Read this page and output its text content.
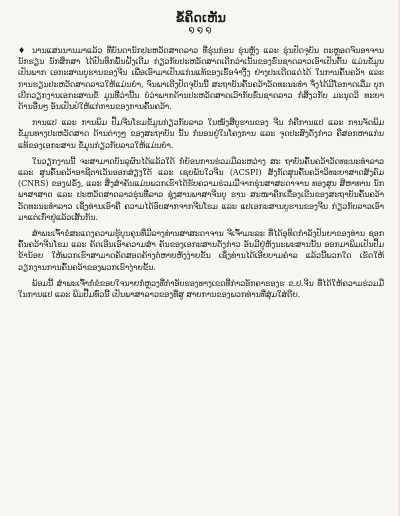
ຂໍ້ຄິດເຫັນ
໑໑໑

♦ ນານແສນນານມາແລ້ວ ທີ່ບັນດານັກປະຫວັດສາດລາວ ທີ່ຮຸ່ນກ່ອນ ຮຸ່ນຫຼັງ ແລະ ຮຸ່ນປັດຈຸບັນ ຕະຫຼອດຈົນອາຈານ ນັກຮຽນ ນັກສຶກສາ ໄດ້ປັນທຶກພົ້ນຝັ້ງເດີມ ກ່ຽວກັບປະຫວັດສາດເດີກວ່າເນັ້ນຂອງຮົ່ນຊາດລາວເອົາເປັນຕົ້ນ ແມ່ນຂໍ້ມູນເປັນພາກ ເອກະສານບູຮານຂອງຈີນ ເພື່ອເອົາມາເປັນແກ່ນແທ້ຂອງເຮົ້ອຈຳງີ່ງ ຢ່າງປະເດີດແດ່ໄດ້ ໃນການຄົ້ນຄວ້າ ແລະ ການຮຽນປະຫວັດສາດລາວໃຫ້ແມ່ນຍຳ, ຈົນພາເຕີງປັດຈຸບັນນີ້ ສະຖາບັນຄົ້ນຄວ້າວັດທະນະທຳ ຈຶ່ງໄດ້ມີໂອກາດເລີ່ມ ບຸກເບີກວຽກງານເອກະສານຂໍ້ ມູນທີ່ວ່ານີ້ນ ບໍ່ວ່າພາກດ້ານປະຫວັດສາດເວົາກັບຮົ່ນຊາດລາວ ກໍ່ສິ່ງວກັບ ມະນຸດວິ ທະຍາດ້ານອື່ນໆ ອັນເປັນປໍໃຫ້ແກ່ການຂອງການຄົ້ນຄວ້າ.

ການແປ ແລະ ການພິມ ປຶ້ມຈີນໂຮມຂໍ້ມູນກ່ຽວກັບລາວ ໃນໜັງສືບູຮານຂອງ ຈີນ ກໍ່ຄືການແປ ແລະ ການຈັດພິມ ຂໍ້ມູນທາງປະຫວັດສາດ ດ້ານຕ່າງໆ ຂອງສະຖາບັນ ນັ້ນ ກໍ່ນອນຢູ່ໃນໂຄງການ ແລະ ຈຸດປະສົງດັ່ງກ່າວ ຄືສອກຫາແກ່ນແທ້ຂອງເອກະສານ ຂໍ້ມູນກ່ຽວກັບລາວໃຫ້ແມ່ນຍຳ.

ໃນວຽກງານນີ້ ຈະສາມາດບັນລຸຜົນໄດ້ແລ້ວໃດ້ ກໍ່ຍ້ອນການຮ່ວມມືລະຫວ່າງ ສະ ຖາບັນຄົ້ນຄວ້າວັດທະນະທຳລາວ ແລະ ສູນຄົ້ນຄວ້າອາຊີຕາເວັນອອກສ່ຽງໃຕ້ ແລະ ເຊຍພັນໃວຈີນ (ACSPI) ສັງກັດສູນຄົ້ນຄວ້າວິທະຍາສາດສັງຄົມ (CNRS) ຂອງຝຣັ່ງ, ແລະ ສິ່ງສຳຄັນແມ່ນພວກເຮົາໄດ້ຮັບຄວາມຮ່ວມມືຈາກຮຸ່ນສາສະດາຈານ ທອງສູນ ສີຫາທານ ນັກພາສາສາດ ແລະ ປະຫວັດສາດລາວຮຸ່ນທີ່ລາວ ຊຸ່ງສານພາສາຈີນບູ ຮານ ສະໜາຄືກເຂື່ອງເຂີນຂອງສະຖາບັນຄົ້ນຄວ້າວັດທະນະທຳລາວ ເຊິ່ງທ່ານເອົາຄື ຄວາມໄດ້ອົບສາກຈາກຈີນໂຮມ ແລະ ແປເອກະສານບູຮານຂອງຈີນ ກ່ຽວກັບລາວເອົາ ມາແຕ່ເກົ່າຢູ່ແລ້ວເສັ້ນກັນ.

ສຳພະເຈົ້າຂໍສະແດງຄວາມຮູ້ບຸນຄຸນທີ່ມີລາງທ່ານສາສະດາຈານ ຈີເຈົ້າມະລະ ທີ່ໄດ້ອຸທິດກຳລັງປັນຍາຂອງທ່ານ ຊອກຄົ້ນຄວ້າຈີນໂຮມ ແລະ ຄັດເອີນເອົາຄວາມສຳ ຄັນຂອງເອກະສານດັ່ງກ່າວ ອັນມີຢູ່ຫັງນະພະສານນັ້ນ ອອກມາພິມເປັນປຶ້ມ ຂ້ານ້ອຍ ໃຫ້ພວກເຮົາສາມາດຄັດສອດຄ້າງຕໍ່ຫາຍຫັງງ່າຍຂັ້ນ ເຊິ່ງທ່ານໄດ້ເອີຍບາມຄຳລ ແລ້ວນີ້ພວກໃດ ເຮັດໃຫ້ວຽກງານການຄົ້ນຄວ້າຂອງພວກເຮົາງ່າຍຂັ້ນ.

ພ້ອມນີ້ ສຳພະເຈົ້າກໍ່ຂໍຂອບໃຈນາຍກໍ່ຫຼວງທີ່ກຳອັບຮອງທາງເຂດທີ່ກ່າວອັກຄາຮອງຮ ຂ.ປ.ຈີນ ທີ່ໄດ້ໃຫ້ຄວາມຮ່ວມມືໃນການແປ ແລະ ພິມປື້ມທົ່ວນີ້ ເປັນພາສາລາວຂອງທີ່ສູ ສາຍການຂອງພວກທ່ານທີ່ສຸ່ມໃສ່ດີຍ.
